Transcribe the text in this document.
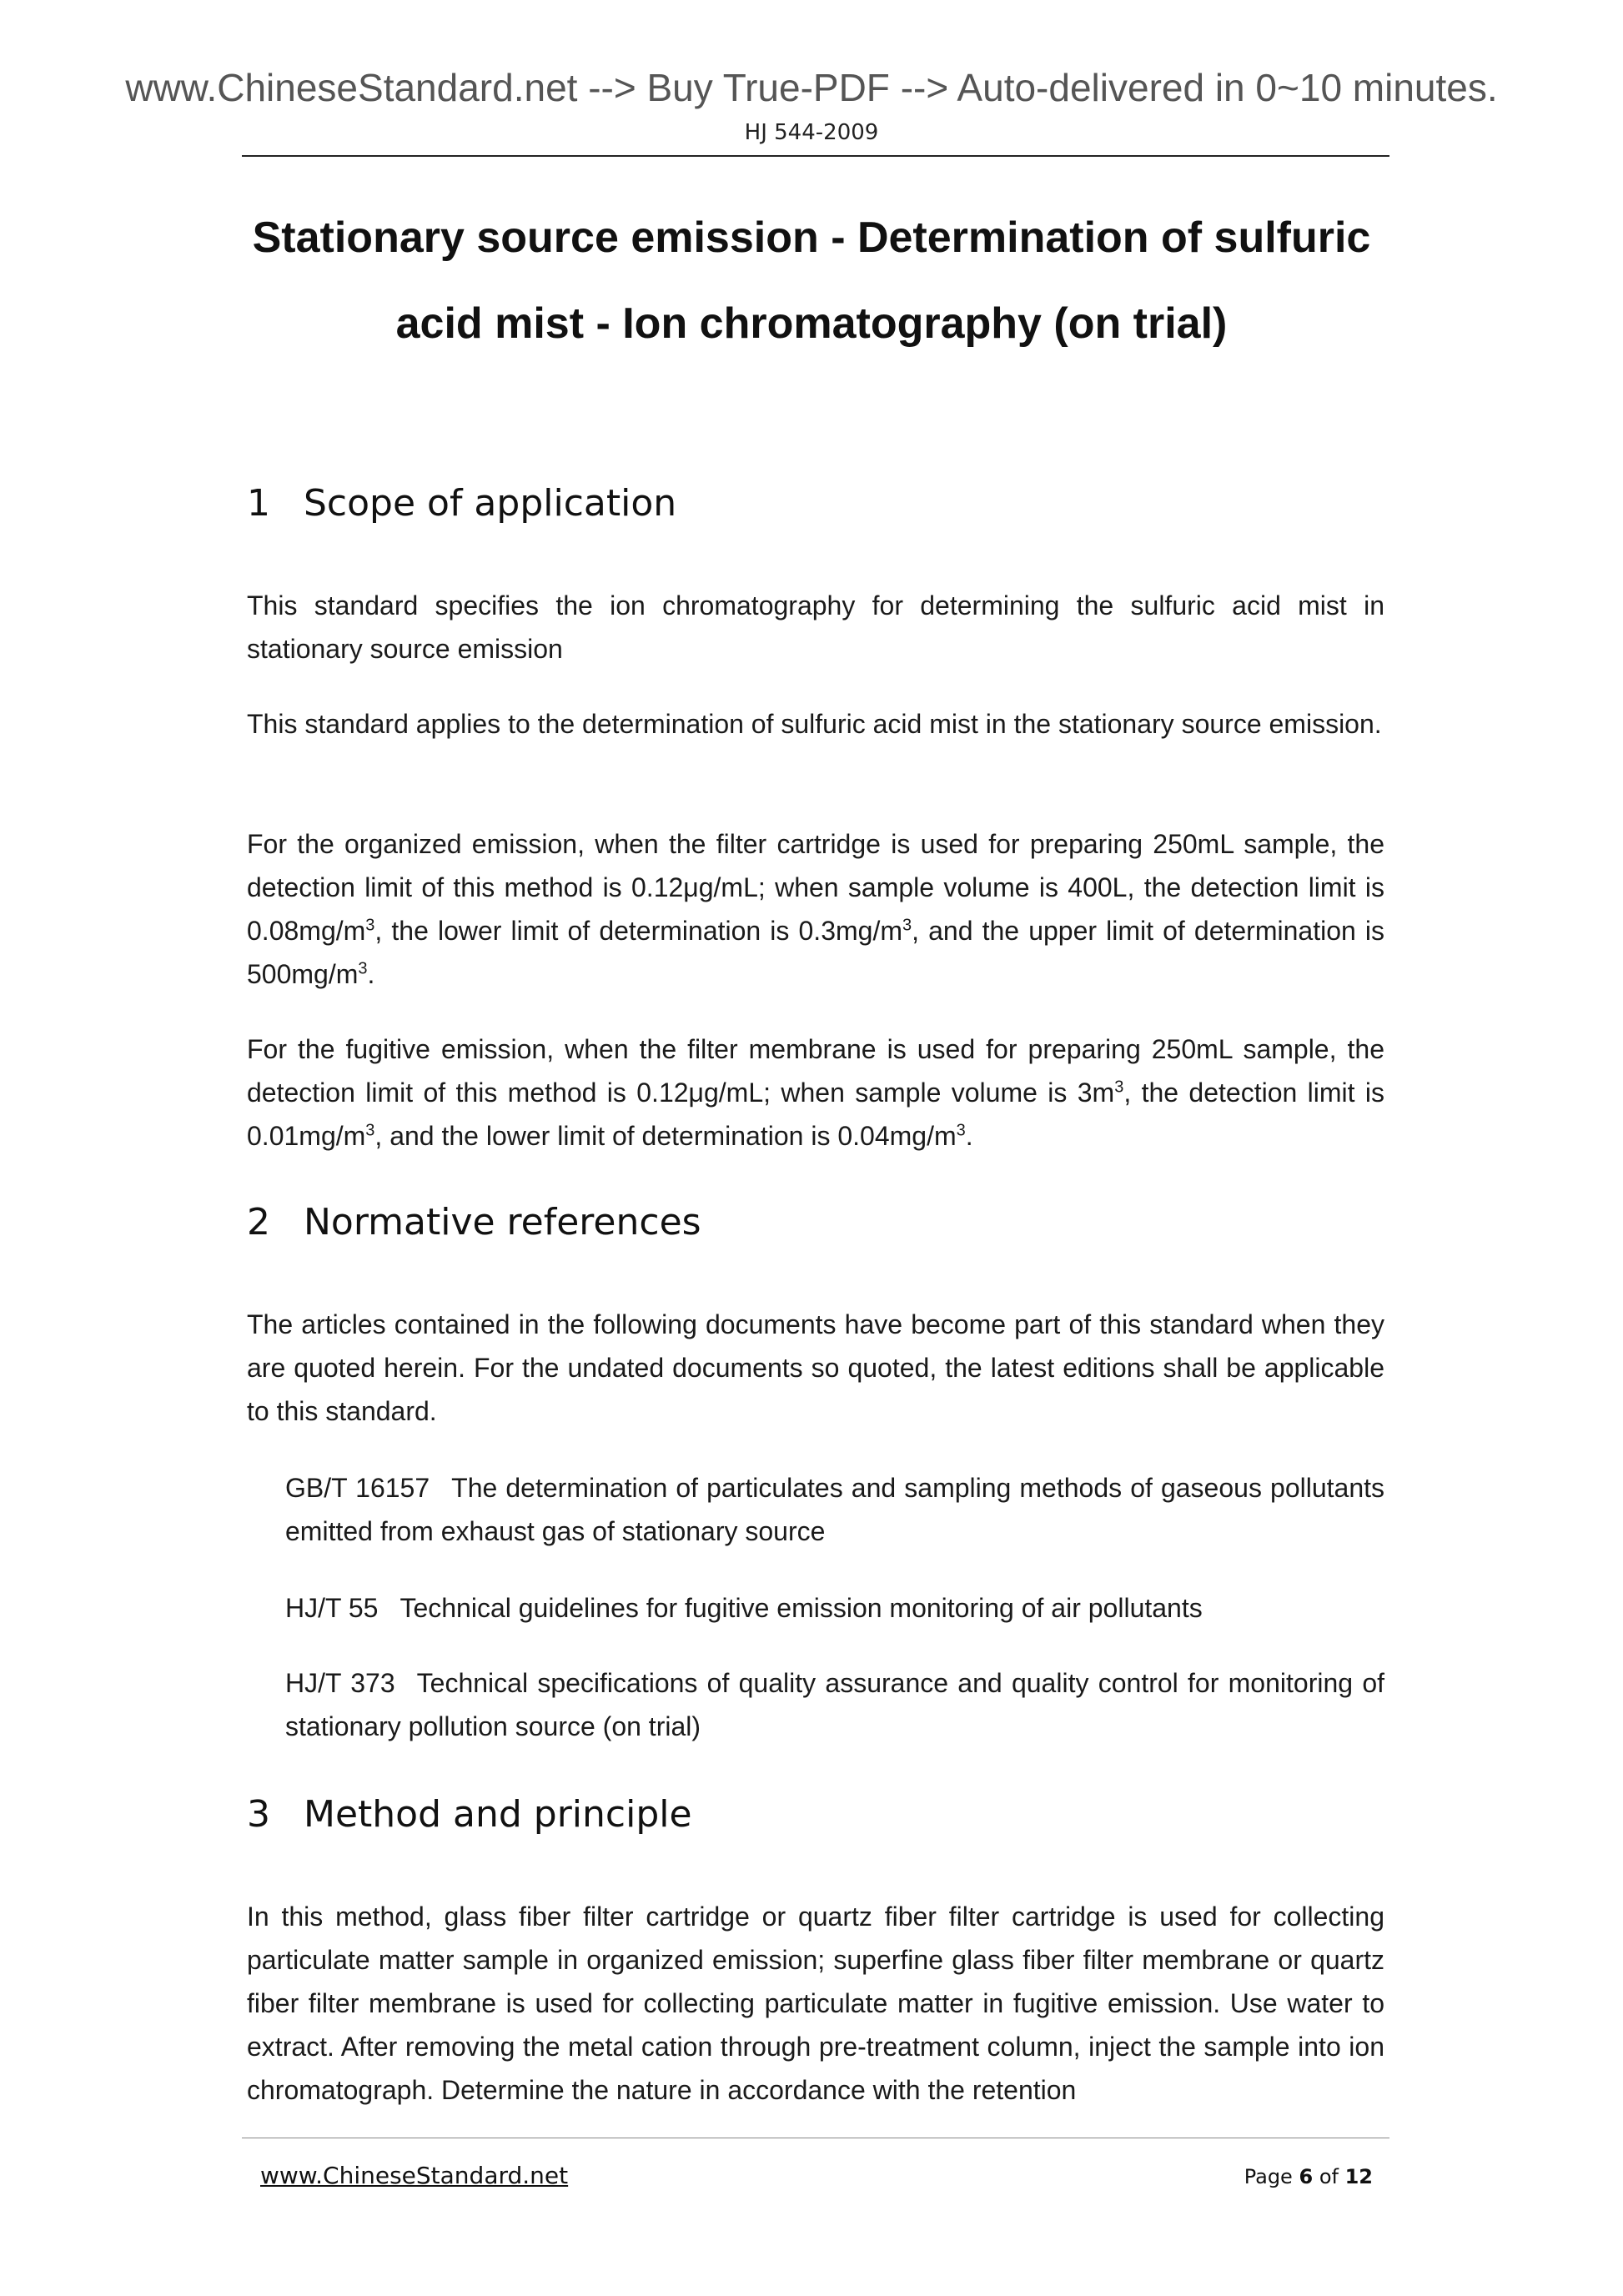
www.ChineseStandard.net --> Buy True-PDF --> Auto-delivered in 0~10 minutes.
HJ 544-2009
Stationary source emission - Determination of sulfuric
acid mist - Ion chromatography (on trial)
1 Scope of application
This standard specifies the ion chromatography for determining the sulfuric acid mist in stationary source emission
This standard applies to the determination of sulfuric acid mist in the stationary source emission.
For the organized emission, when the filter cartridge is used for preparing 250mL sample, the detection limit of this method is 0.12μg/mL; when sample volume is 400L, the detection limit is $0.08mg/m^3$, the lower limit of determination is $0.3mg/m^3$, and the upper limit of determination is $500mg/m^3$.
For the fugitive emission, when the filter membrane is used for preparing 250mL sample, the detection limit of this method is 0.12μg/mL; when sample volume is $3m^3$, the detection limit is $0.01mg/m^3$, and the lower limit of determination is $0.04mg/m^3$.
2 Normative references
The articles contained in the following documents have become part of this standard when they are quoted herein. For the undated documents so quoted, the latest editions shall be applicable to this standard.
GB/T 16157 The determination of particulates and sampling methods of gaseous pollutants emitted from exhaust gas of stationary source
HJ/T 55 Technical guidelines for fugitive emission monitoring of air pollutants
HJ/T 373 Technical specifications of quality assurance and quality control for monitoring of stationary pollution source (on trial)
3 Method and principle
In this method, glass fiber filter cartridge or quartz fiber filter cartridge is used for collecting particulate matter sample in organized emission; superfine glass fiber filter membrane or quartz fiber filter membrane is used for collecting particulate matter in fugitive emission. Use water to extract. After removing the metal cation through pre-treatment column, inject the sample into ion chromatograph. Determine the nature in accordance with the retention
www.ChineseStandard.net	Page 6 of 12
